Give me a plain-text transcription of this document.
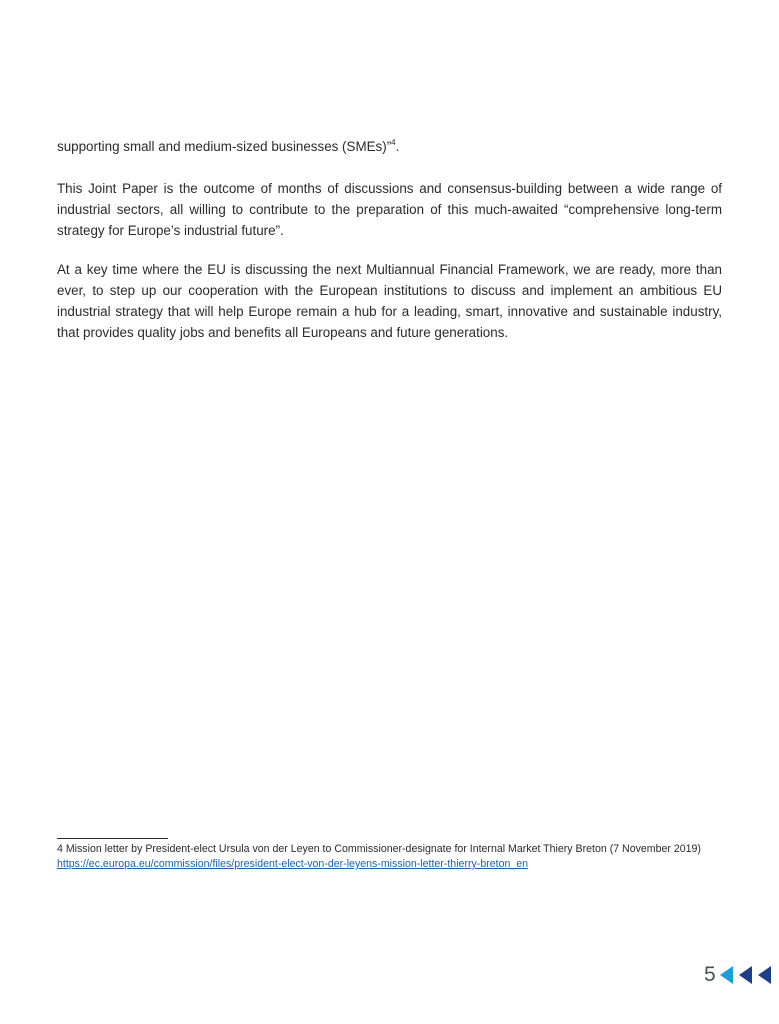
supporting small and medium-sized businesses (SMEs)”$^4$.

This Joint Paper is the outcome of months of discussions and consensus-building between a wide range of industrial sectors, all willing to contribute to the preparation of this much-awaited “comprehensive long-term strategy for Europe’s industrial future”.

At a key time where the EU is discussing the next Multiannual Financial Framework, we are ready, more than ever, to step up our cooperation with the European institutions to discuss and implement an ambitious EU industrial strategy that will help Europe remain a hub for a leading, smart, innovative and sustainable industry, that provides quality jobs and benefits all Europeans and future generations.

4 Mission letter by President-elect Ursula von der Leyen to Commissioner-designate for Internal Market Thiery Breton (7 November 2019)
https://ec.europa.eu/commission/files/president-elect-von-der-leyens-mission-letter-thierry-breton_en
5
